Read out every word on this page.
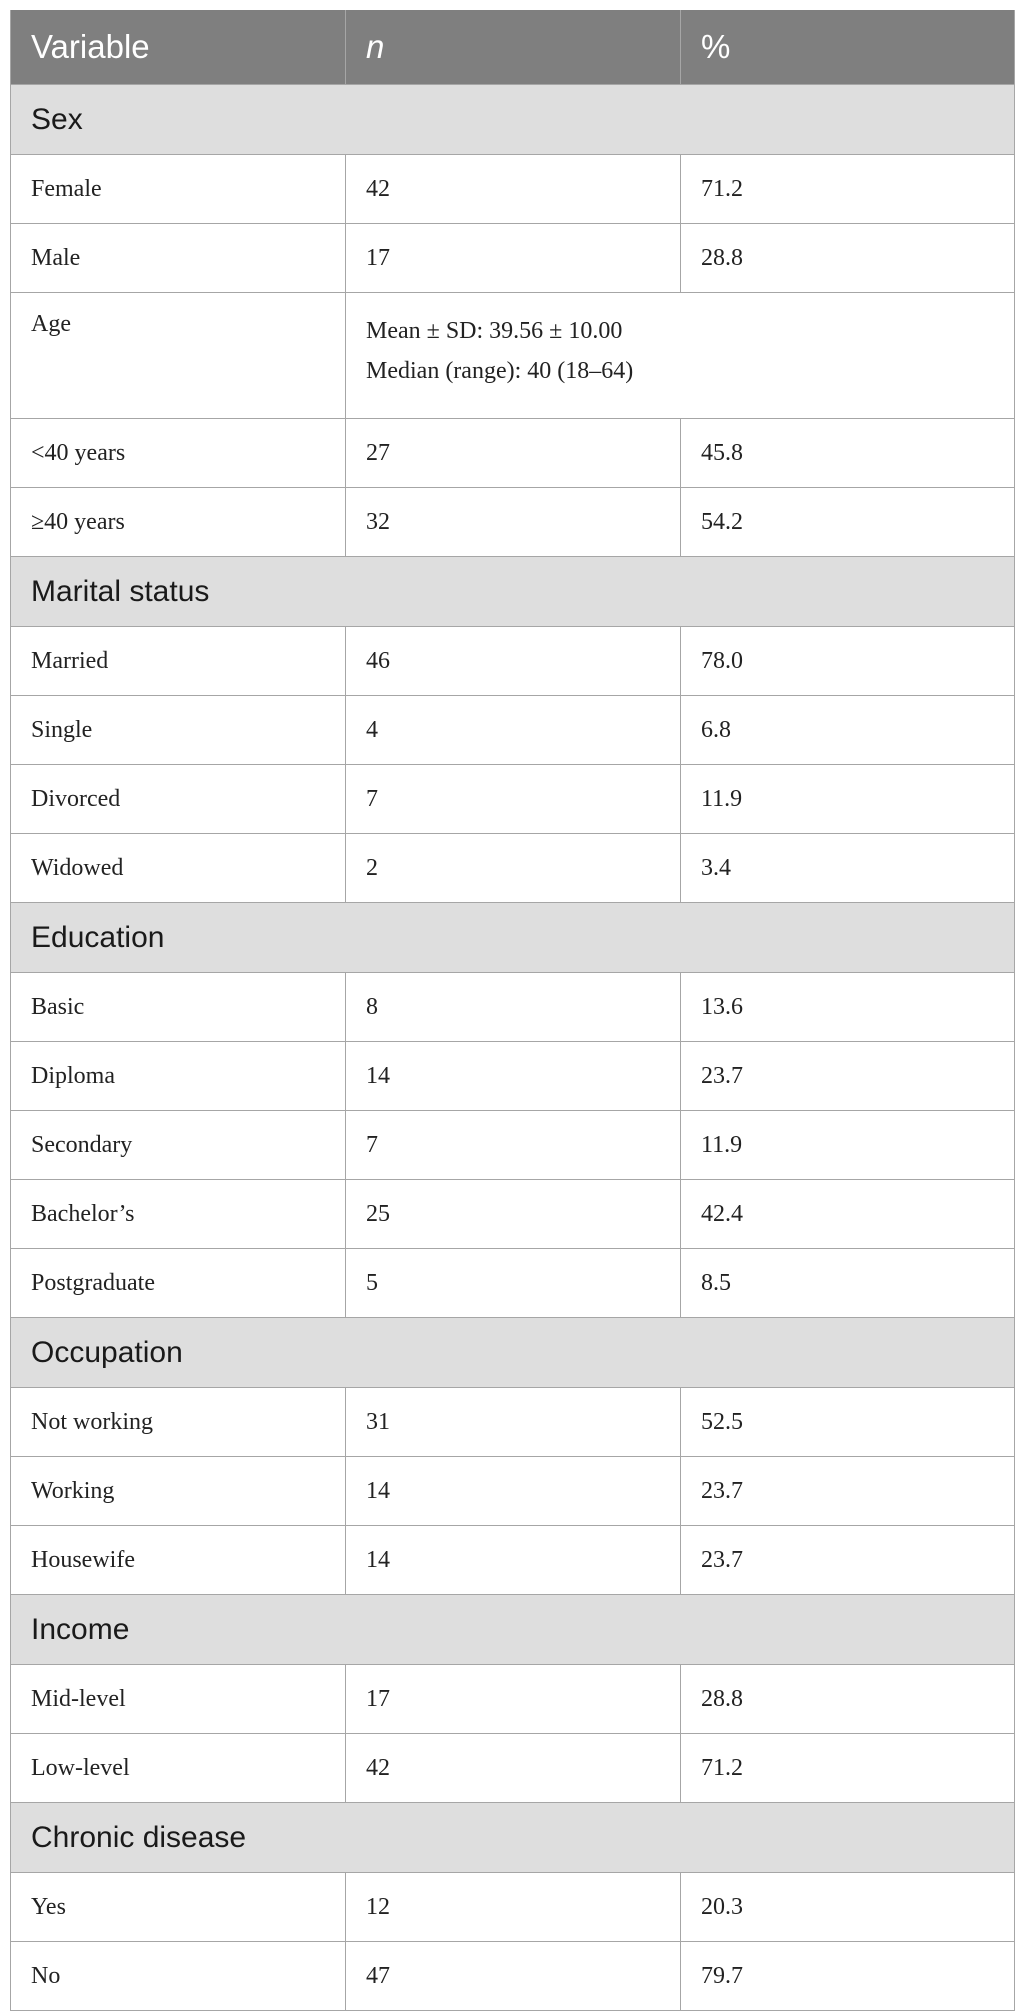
Variable	n	%
Sex		
Female	42	71.2
Male	17	28.8
Age	Mean ± SD: 39.56 ± 10.00
Median (range): 40 (18–64)	

<40 years	27	45.8
≥40 years	32	54.2
Marital status		
Married	46	78.0
Single	4	6.8
Divorced	7	11.9
Widowed	2	3.4
Education		
Basic	8	13.6
Diploma	14	23.7
Secondary	7	11.9
Bachelor’s	25	42.4
Postgraduate	5	8.5
Occupation		
Not working	31	52.5
Working	14	23.7
Housewife	14	23.7
Income		
Mid-level	17	28.8
Low-level	42	71.2
Chronic disease		
Yes	12	20.3
No	47	79.7
